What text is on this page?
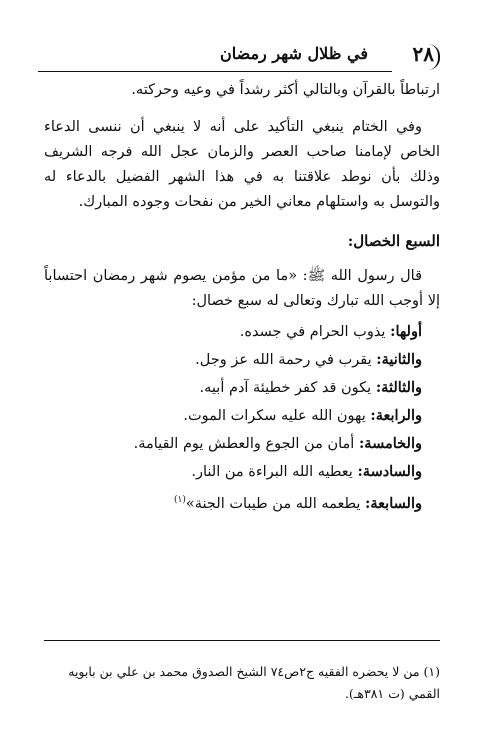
٢٨
في ظلال شهر رمضان

ارتباطاً بالقرآن وبالتالي أكثر رشداً في وعيه وحركته.

وفي الختام ينبغي التأكيد على أنه لا ينبغي أن ننسى الدعاء الخاص لإمامنا صاحب العصر والزمان عجل الله فرجه الشريف وذلك بأن نوطد علاقتنا به في هذا الشهر الفضيل بالدعاء له والتوسل به واستلهام معاني الخير من نفحات وجوده المبارك.

السبع الخصال:

قال رسول الله ﷺ: «ما من مؤمن يصوم شهر رمضان احتساباً إلا أوجب الله تبارك وتعالى له سبع خصال:

أولها: يذوب الحرام في جسده.
والثانية: يقرب في رحمة الله عز وجل.
والثالثة: يكون قد كفر خطيئة آدم أبيه.
والرابعة: يهون الله عليه سكرات الموت.
والخامسة: أمان من الجوع والعطش يوم القيامة.
والسادسة: يعطيه الله البراءة من النار.
والسابعة: يطعمه الله من طيبات الجنة»$^{(١)}$

(١) من لا يحضره الفقيه ج٢ص٧٤ الشيخ الصدوق محمد بن علي بن بابويه القمي (ت ٣٨١هـ).
